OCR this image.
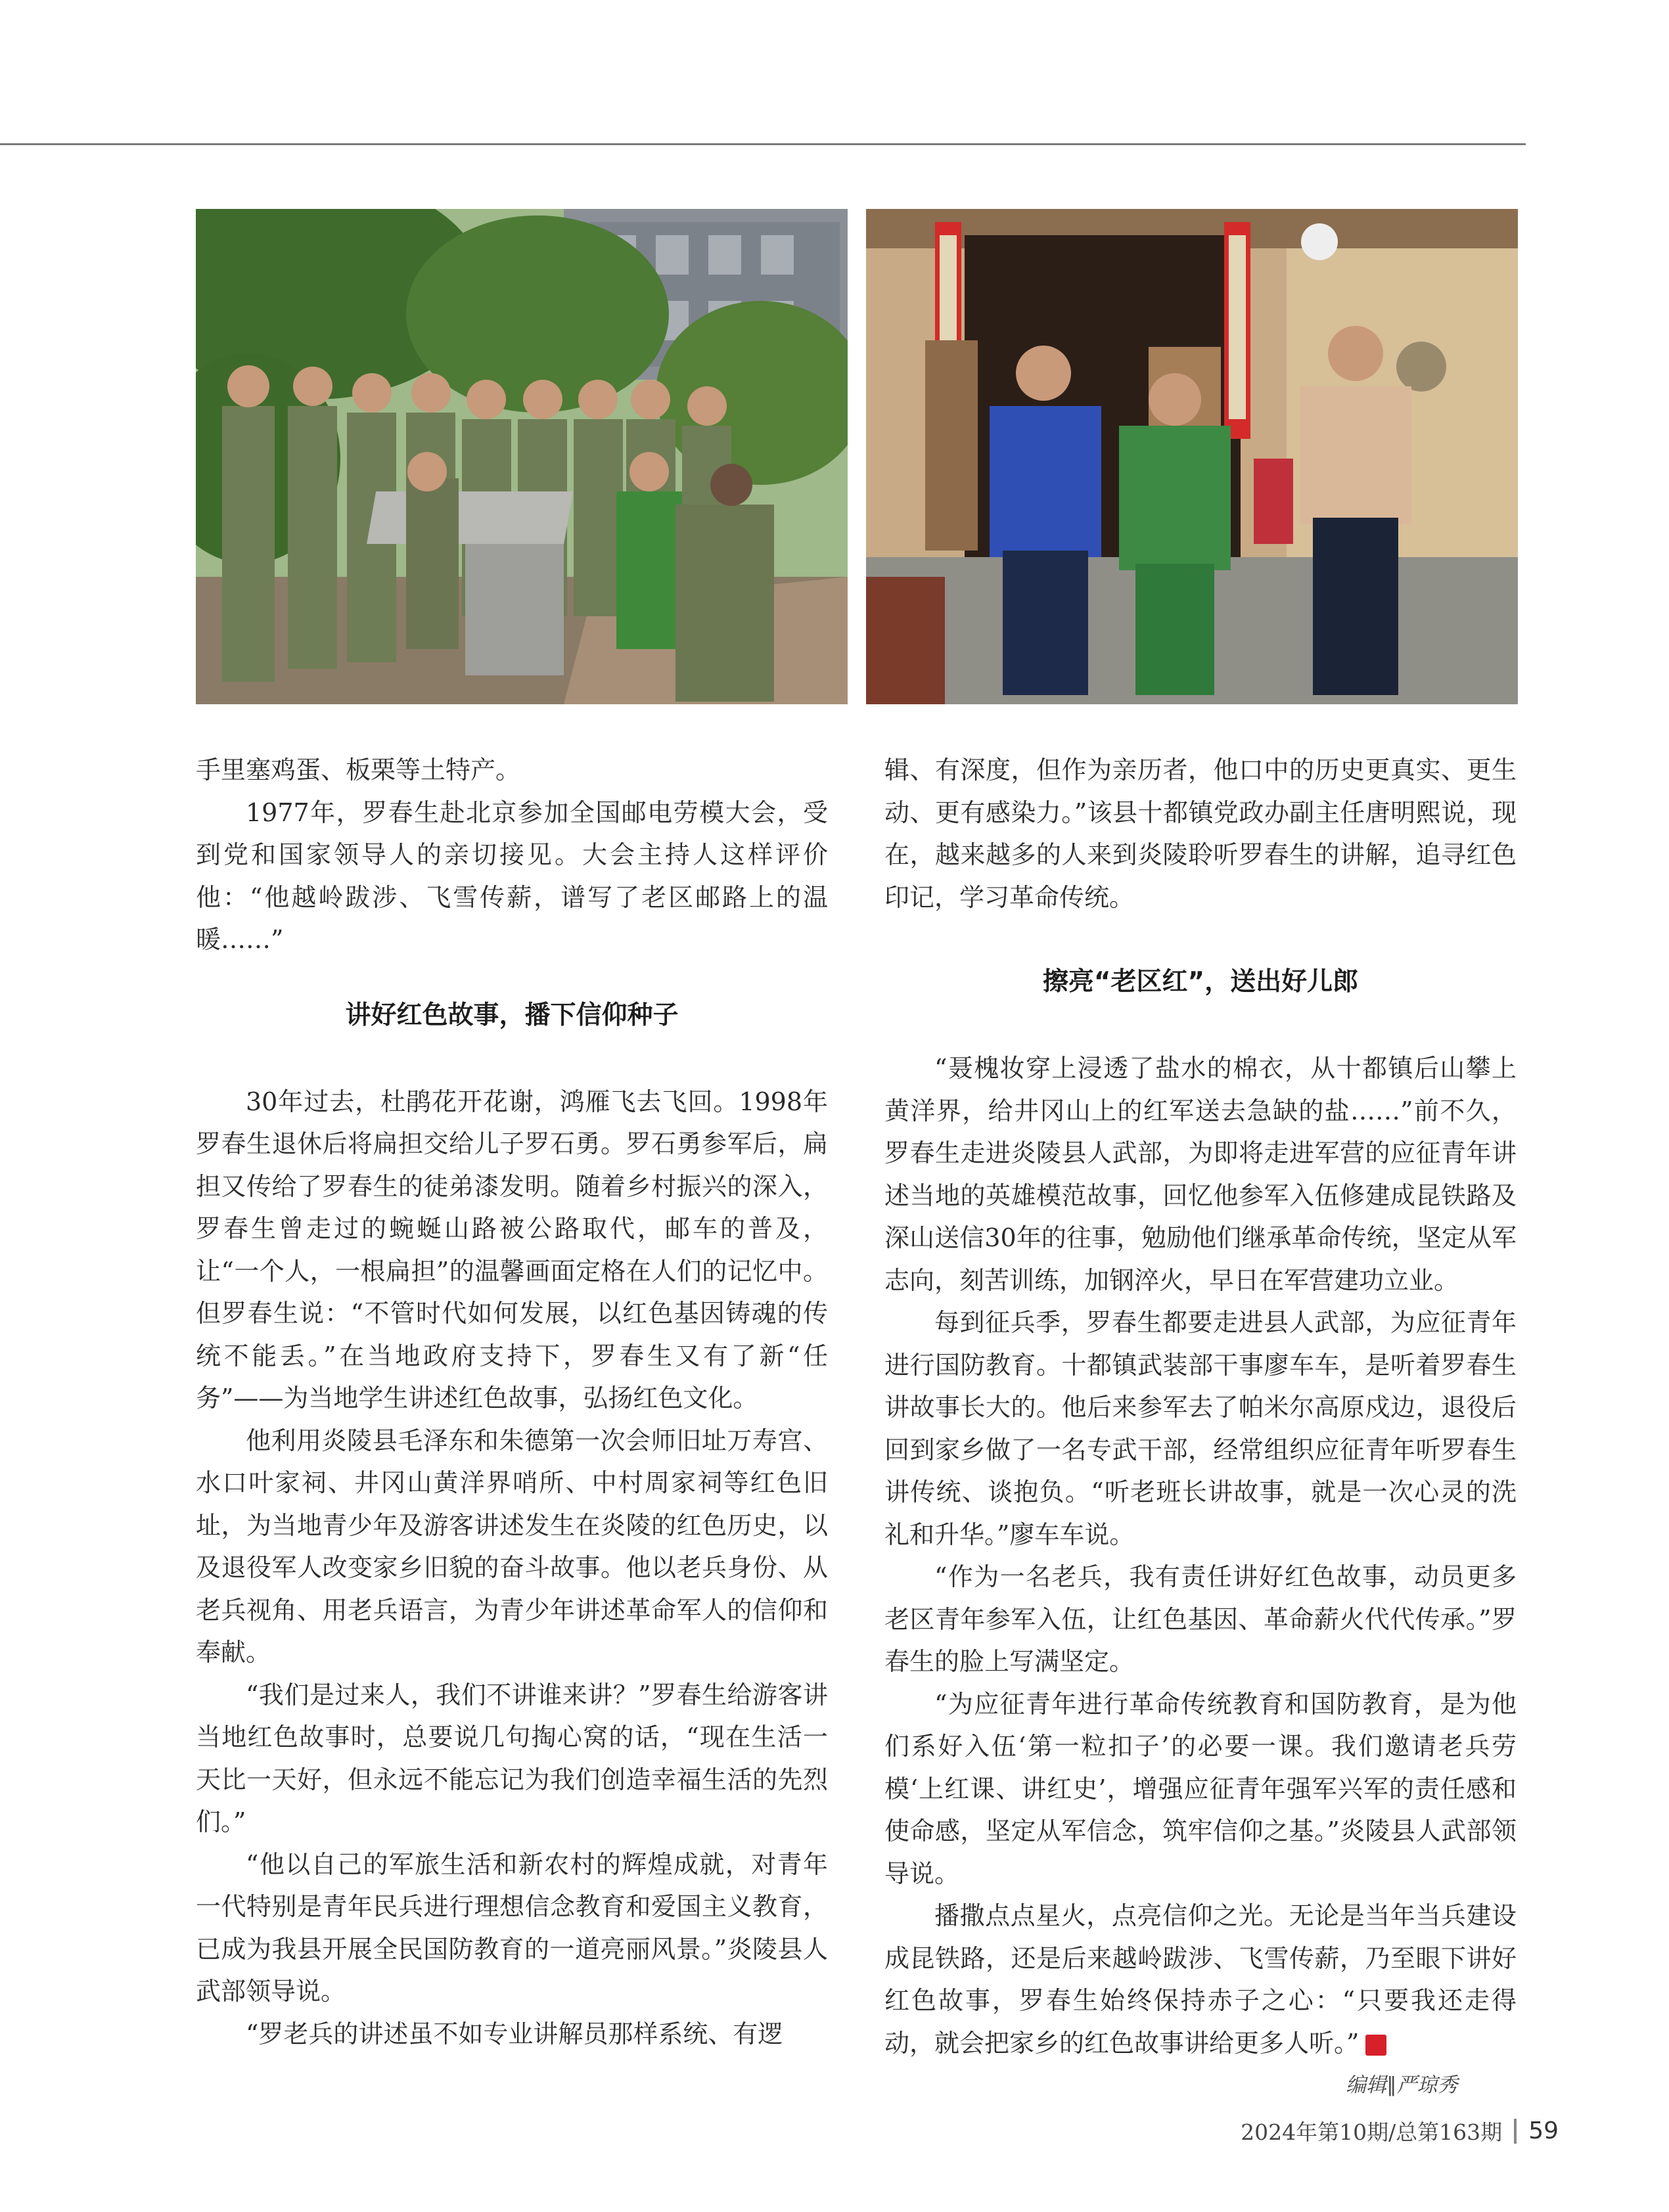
手里塞鸡蛋、板栗等土特产。

1977年，罗春生赴北京参加全国邮电劳模大会，受到党和国家领导人的亲切接见。大会主持人这样评价他：“他越岭跋涉、飞雪传薪，谱写了老区邮路上的温暖……”

讲好红色故事，播下信仰种子

30年过去，杜鹃花开花谢，鸿雁飞去飞回。1998年罗春生退休后将扁担交给儿子罗石勇。罗石勇参军后，扁担又传给了罗春生的徒弟漆发明。随着乡村振兴的深入，罗春生曾走过的蜿蜒山路被公路取代，邮车的普及，让“一个人，一根扁担”的温馨画面定格在人们的记忆中。但罗春生说：“不管时代如何发展，以红色基因铸魂的传统不能丢。”在当地政府支持下，罗春生又有了新“任务”——为当地学生讲述红色故事，弘扬红色文化。

他利用炎陵县毛泽东和朱德第一次会师旧址万寿宫、水口叶家祠、井冈山黄洋界哨所、中村周家祠等红色旧址，为当地青少年及游客讲述发生在炎陵的红色历史，以及退役军人改变家乡旧貌的奋斗故事。他以老兵身份、从老兵视角、用老兵语言，为青少年讲述革命军人的信仰和奉献。

“我们是过来人，我们不讲谁来讲？”罗春生给游客讲当地红色故事时，总要说几句掏心窝的话，“现在生活一天比一天好，但永远不能忘记为我们创造幸福生活的先烈们。”

“他以自己的军旅生活和新农村的辉煌成就，对青年一代特别是青年民兵进行理想信念教育和爱国主义教育，已成为我县开展全民国防教育的一道亮丽风景。”炎陵县人武部领导说。

“罗老兵的讲述虽不如专业讲解员那样系统、有逻

辑、有深度，但作为亲历者，他口中的历史更真实、更生动、更有感染力。”该县十都镇党政办副主任唐明熙说，现在，越来越多的人来到炎陵聆听罗春生的讲解，追寻红色印记，学习革命传统。

擦亮“老区红”，送出好儿郎

“聂槐妆穿上浸透了盐水的棉衣，从十都镇后山攀上黄洋界，给井冈山上的红军送去急缺的盐……”前不久，罗春生走进炎陵县人武部，为即将走进军营的应征青年讲述当地的英雄模范故事，回忆他参军入伍修建成昆铁路及深山送信30年的往事，勉励他们继承革命传统，坚定从军志向，刻苦训练，加钢淬火，早日在军营建功立业。

每到征兵季，罗春生都要走进县人武部，为应征青年进行国防教育。十都镇武装部干事廖车车，是听着罗春生讲故事长大的。他后来参军去了帕米尔高原戍边，退役后回到家乡做了一名专武干部，经常组织应征青年听罗春生讲传统、谈抱负。“听老班长讲故事，就是一次心灵的洗礼和升华。”廖车车说。

“作为一名老兵，我有责任讲好红色故事，动员更多老区青年参军入伍，让红色基因、革命薪火代代传承。”罗春生的脸上写满坚定。

“为应征青年进行革命传统教育和国防教育，是为他们系好入伍‘第一粒扣子’的必要一课。我们邀请老兵劳模‘上红课、讲红史’，增强应征青年强军兴军的责任感和使命感，坚定从军信念，筑牢信仰之基。”炎陵县人武部领导说。

播撒点点星火，点亮信仰之光。无论是当年当兵建设成昆铁路，还是后来越岭跋涉、飞雪传薪，乃至眼下讲好红色故事，罗春生始终保持赤子之心：“只要我还走得动，就会把家乡的红色故事讲给更多人听。”	G

编辑∥严琼秀
2024年第10期/总第163期 59
